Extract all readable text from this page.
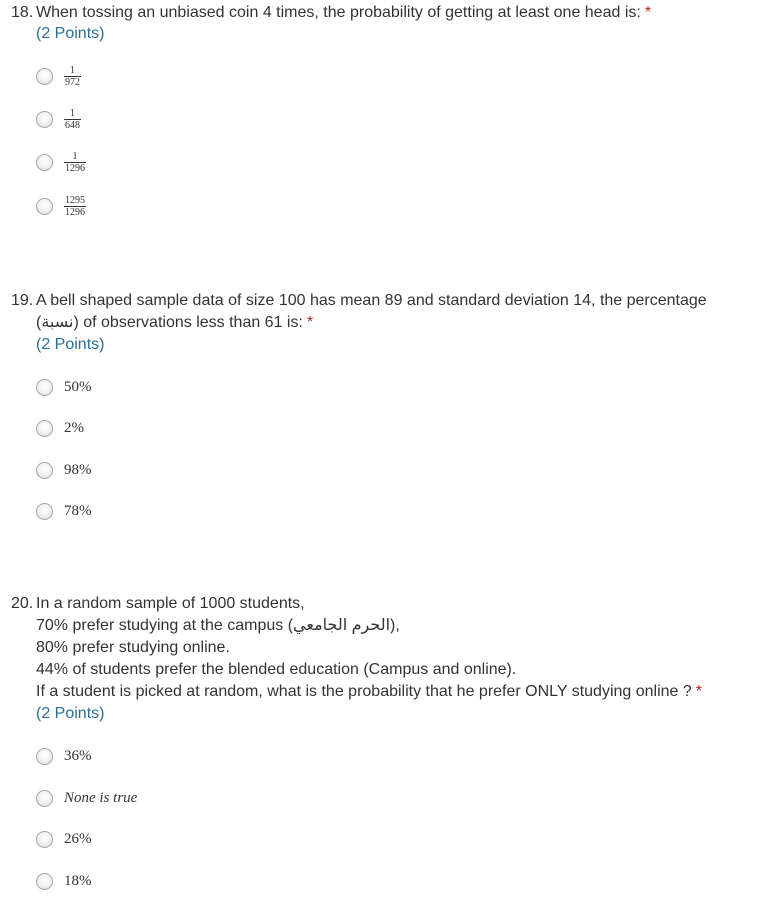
18. When tossing an unbiased coin 4 times, the probability of getting at least one head is: *
(2 Points)
$\frac{1}{972}$
$\frac{1}{648}$
$\frac{1}{1296}$
$\frac{1295}{1296}$
19. A bell shaped sample data of size 100 has mean 89 and standard deviation 14, the percentage
(نسبة) of observations less than 61 is: *
(2 Points)
50%
2%
98%
78%
20. In a random sample of 1000 students,
70% prefer studying at the campus (الحرم الجامعي),
80% prefer studying online.
44% of students prefer the blended education (Campus and online).
If a student is picked at random, what is the probability that he prefer ONLY studying online ? *
(2 Points)
36%
None is true
26%
18%
